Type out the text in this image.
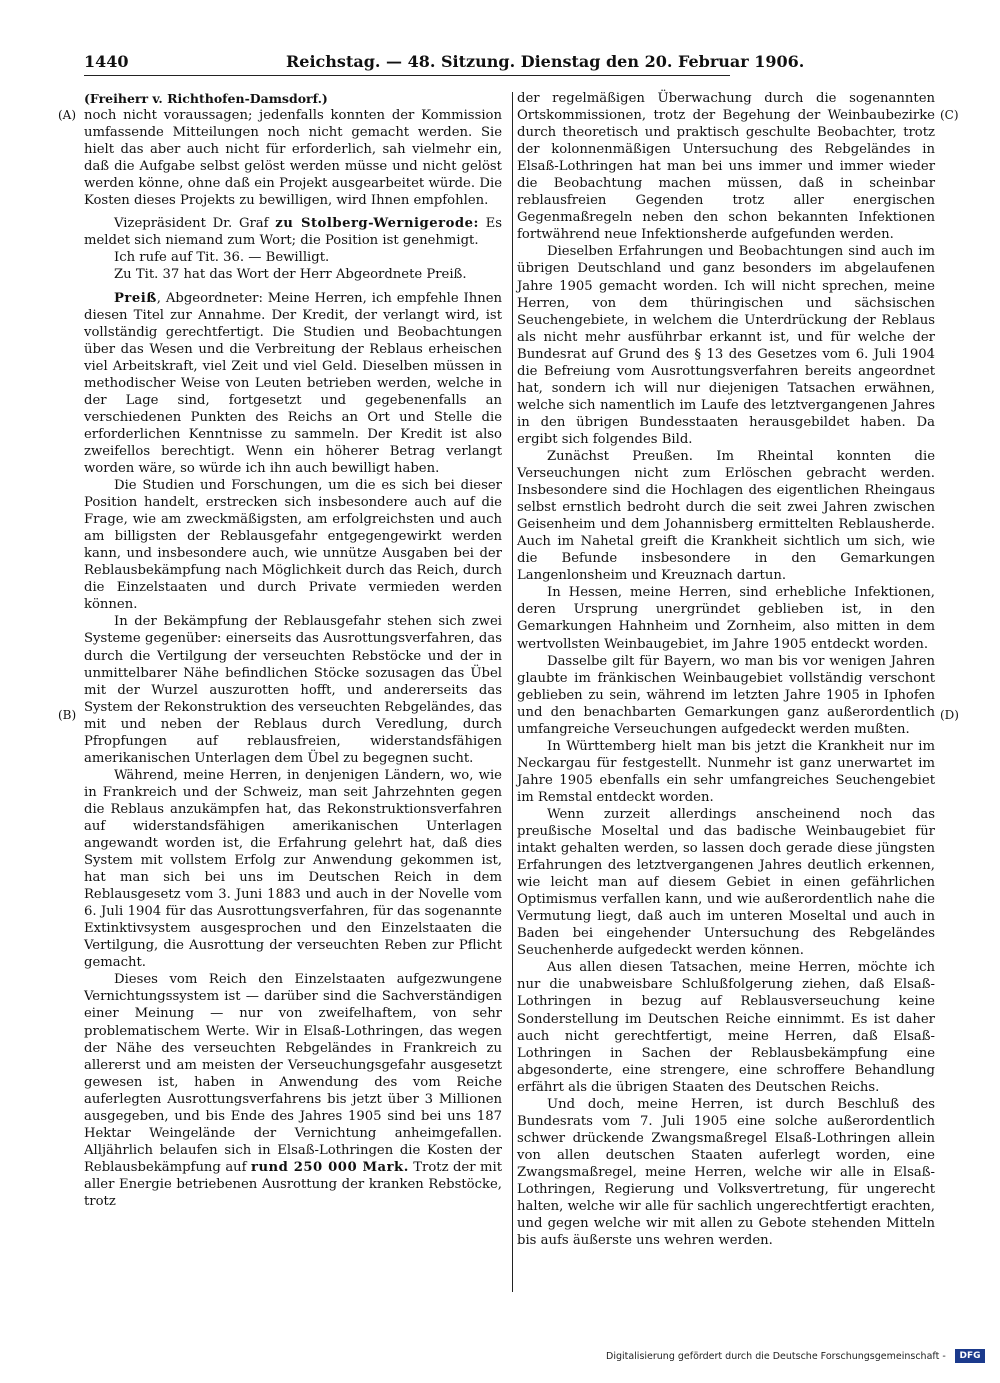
1440	Reichstag. — 48. Sitzung. Dienstag den 20. Februar 1906.
(A)
(B)
(C)
(D)

(Freiherr v. Richthofen-Damsdorf.)

noch nicht voraussagen; jedenfalls konnten der Kommission umfassende Mitteilungen noch nicht gemacht werden. Sie hielt das aber auch nicht für erforderlich, sah vielmehr ein, daß die Aufgabe selbst gelöst werden müsse und nicht gelöst werden könne, ohne daß ein Projekt ausgearbeitet würde. Die Kosten dieses Projekts zu bewilligen, wird Ihnen empfohlen.

Vizepräsident Dr. Graf zu Stolberg-Wernigerode: Es meldet sich niemand zum Wort; die Position ist genehmigt.

Ich rufe auf Tit. 36. — Bewilligt.

Zu Tit. 37 hat das Wort der Herr Abgeordnete Preiß.

Preiß, Abgeordneter: Meine Herren, ich empfehle Ihnen diesen Titel zur Annahme. Der Kredit, der verlangt wird, ist vollständig gerechtfertigt. Die Studien und Beobachtungen über das Wesen und die Verbreitung der Reblaus erheischen viel Arbeitskraft, viel Zeit und viel Geld. Dieselben müssen in methodischer Weise von Leuten betrieben werden, welche in der Lage sind, fortgesetzt und gegebenenfalls an verschiedenen Punkten des Reichs an Ort und Stelle die erforderlichen Kenntnisse zu sammeln. Der Kredit ist also zweifellos berechtigt. Wenn ein höherer Betrag verlangt worden wäre, so würde ich ihn auch bewilligt haben.

Die Studien und Forschungen, um die es sich bei dieser Position handelt, erstrecken sich insbesondere auch auf die Frage, wie am zweckmäßigsten, am erfolgreichsten und auch am billigsten der Reblausgefahr entgegengewirkt werden kann, und insbesondere auch, wie unnütze Ausgaben bei der Reblausbekämpfung nach Möglichkeit durch das Reich, durch die Einzelstaaten und durch Private vermieden werden können.

In der Bekämpfung der Reblausgefahr stehen sich zwei Systeme gegenüber: einerseits das Ausrottungsverfahren, das durch die Vertilgung der verseuchten Rebstöcke und der in unmittelbarer Nähe befindlichen Stöcke sozusagen das Übel mit der Wurzel auszurotten hofft, und andererseits das System der Rekonstruktion des verseuchten Rebgeländes, das mit und neben der Reblaus durch Veredlung, durch Pfropfungen auf reblausfreien, widerstandsfähigen amerikanischen Unterlagen dem Übel zu begegnen sucht.

Während, meine Herren, in denjenigen Ländern, wo, wie in Frankreich und der Schweiz, man seit Jahrzehnten gegen die Reblaus anzukämpfen hat, das Rekonstruktionsverfahren auf widerstandsfähigen amerikanischen Unterlagen angewandt worden ist, die Erfahrung gelehrt hat, daß dies System mit vollstem Erfolg zur Anwendung gekommen ist, hat man sich bei uns im Deutschen Reich in dem Reblausgesetz vom 3. Juni 1883 und auch in der Novelle vom 6. Juli 1904 für das Ausrottungsverfahren, für das sogenannte Extinktivsystem ausgesprochen und den Einzelstaaten die Vertilgung, die Ausrottung der verseuchten Reben zur Pflicht gemacht.

Dieses vom Reich den Einzelstaaten aufgezwungene Vernichtungssystem ist — darüber sind die Sachverständigen einer Meinung — nur von zweifelhaftem, von sehr problematischem Werte. Wir in Elsaß-Lothringen, das wegen der Nähe des verseuchten Rebgeländes in Frankreich zu allererst und am meisten der Verseuchungsgefahr ausgesetzt gewesen ist, haben in Anwendung des vom Reiche auferlegten Ausrottungsverfahrens bis jetzt über 3 Millionen ausgegeben, und bis Ende des Jahres 1905 sind bei uns 187 Hektar Weingelände der Vernichtung anheimgefallen. Alljährlich belaufen sich in Elsaß-Lothringen die Kosten der Reblausbekämpfung auf rund 250 000 Mark. Trotz der mit aller Energie betriebenen Ausrottung der kranken Rebstöcke, trotz

der regelmäßigen Überwachung durch die sogenannten Ortskommissionen, trotz der Begehung der Weinbaubezirke durch theoretisch und praktisch geschulte Beobachter, trotz der kolonnenmäßigen Untersuchung des Rebgeländes in Elsaß-Lothringen hat man bei uns immer und immer wieder die Beobachtung machen müssen, daß in scheinbar reblausfreien Gegenden trotz aller energischen Gegenmaßregeln neben den schon bekannten Infektionen fortwährend neue Infektionsherde aufgefunden werden.

Dieselben Erfahrungen und Beobachtungen sind auch im übrigen Deutschland und ganz besonders im abgelaufenen Jahre 1905 gemacht worden. Ich will nicht sprechen, meine Herren, von dem thüringischen und sächsischen Seuchengebiete, in welchem die Unterdrückung der Reblaus als nicht mehr ausführbar erkannt ist, und für welche der Bundesrat auf Grund des § 13 des Gesetzes vom 6. Juli 1904 die Befreiung vom Ausrottungsverfahren bereits angeordnet hat, sondern ich will nur diejenigen Tatsachen erwähnen, welche sich namentlich im Laufe des letztvergangenen Jahres in den übrigen Bundesstaaten herausgebildet haben. Da ergibt sich folgendes Bild.

Zunächst Preußen. Im Rheintal konnten die Verseuchungen nicht zum Erlöschen gebracht werden. Insbesondere sind die Hochlagen des eigentlichen Rheingaus selbst ernstlich bedroht durch die seit zwei Jahren zwischen Geisenheim und dem Johannisberg ermittelten Reblausherde. Auch im Nahetal greift die Krankheit sichtlich um sich, wie die Befunde insbesondere in den Gemarkungen Langenlonsheim und Kreuznach dartun.

In Hessen, meine Herren, sind erhebliche Infektionen, deren Ursprung unergründet geblieben ist, in den Gemarkungen Hahnheim und Zornheim, also mitten in dem wertvollsten Weinbaugebiet, im Jahre 1905 entdeckt worden.

Dasselbe gilt für Bayern, wo man bis vor wenigen Jahren glaubte im fränkischen Weinbaugebiet vollständig verschont geblieben zu sein, während im letzten Jahre 1905 in Iphofen und den benachbarten Gemarkungen ganz außerordentlich umfangreiche Verseuchungen aufgedeckt werden mußten.

In Württemberg hielt man bis jetzt die Krankheit nur im Neckargau für festgestellt. Nunmehr ist ganz unerwartet im Jahre 1905 ebenfalls ein sehr umfangreiches Seuchengebiet im Remstal entdeckt worden.

Wenn zurzeit allerdings anscheinend noch das preußische Moseltal und das badische Weinbaugebiet für intakt gehalten werden, so lassen doch gerade diese jüngsten Erfahrungen des letztvergangenen Jahres deutlich erkennen, wie leicht man auf diesem Gebiet in einen gefährlichen Optimismus verfallen kann, und wie außerordentlich nahe die Vermutung liegt, daß auch im unteren Moseltal und auch in Baden bei eingehender Untersuchung des Rebgeländes Seuchenherde aufgedeckt werden können.

Aus allen diesen Tatsachen, meine Herren, möchte ich nur die unabweisbare Schlußfolgerung ziehen, daß Elsaß-Lothringen in bezug auf Reblausverseuchung keine Sonderstellung im Deutschen Reiche einnimmt. Es ist daher auch nicht gerechtfertigt, meine Herren, daß Elsaß-Lothringen in Sachen der Reblausbekämpfung eine abgesonderte, eine strengere, eine schroffere Behandlung erfährt als die übrigen Staaten des Deutschen Reichs.

Und doch, meine Herren, ist durch Beschluß des Bundesrats vom 7. Juli 1905 eine solche außerordentlich schwer drückende Zwangsmaßregel Elsaß-Lothringen allein von allen deutschen Staaten auferlegt worden, eine Zwangsmaßregel, meine Herren, welche wir alle in Elsaß-Lothringen, Regierung und Volksvertretung, für ungerecht halten, welche wir alle für sachlich ungerechtfertigt erachten, und gegen welche wir mit allen zu Gebote stehenden Mitteln bis aufs äußerste uns wehren werden.

Digitalisierung gefördert durch die Deutsche Forschungsgemeinschaft -	DFG
